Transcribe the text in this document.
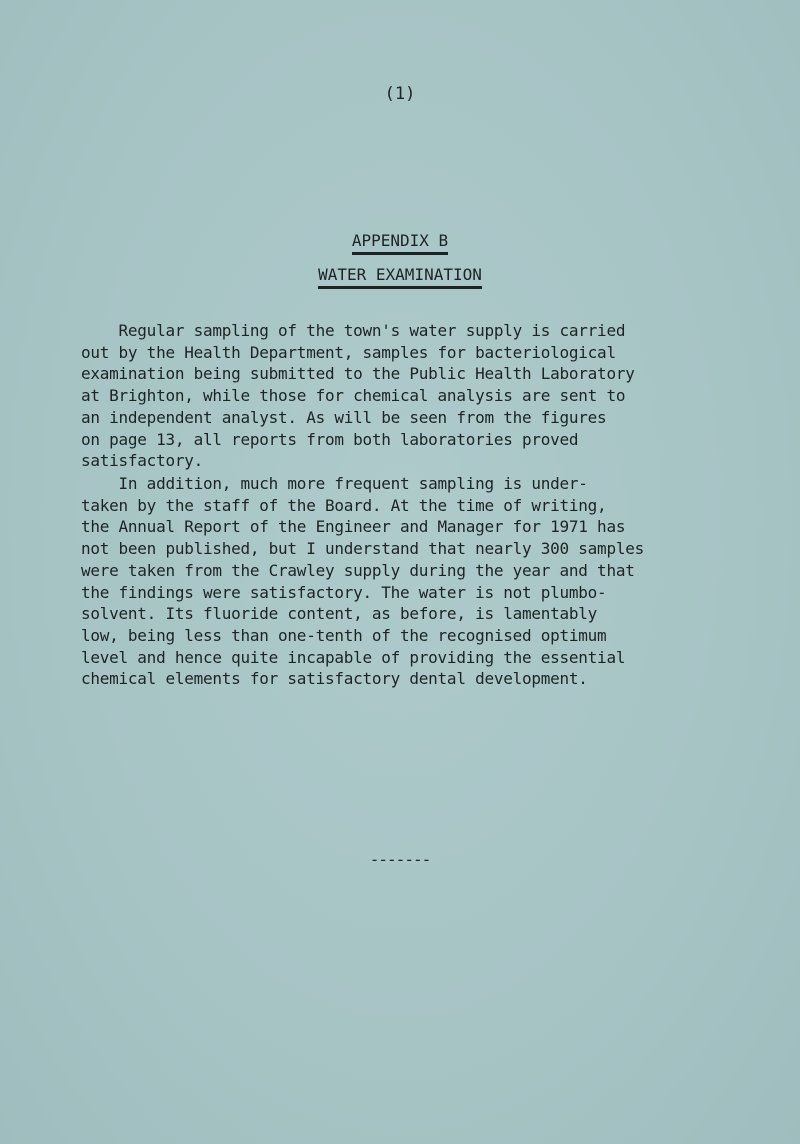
(1)
APPENDIX B
WATER EXAMINATION
Regular sampling of the town's water supply is carried
out by the Health Department, samples for bacteriological
examination being submitted to the Public Health Laboratory
at Brighton, while those for chemical analysis are sent to
an independent analyst. As will be seen from the figures
on page 13, all reports from both laboratories proved
satisfactory.
In addition, much more frequent sampling is under-
taken by the staff of the Board. At the time of writing,
the Annual Report of the Engineer and Manager for 1971 has
not been published, but I understand that nearly 300 samples
were taken from the Crawley supply during the year and that
the findings were satisfactory. The water is not plumbo-
solvent. Its fluoride content, as before, is lamentably
low, being less than one-tenth of the recognised optimum
level and hence quite incapable of providing the essential
chemical elements for satisfactory dental development.
-------
